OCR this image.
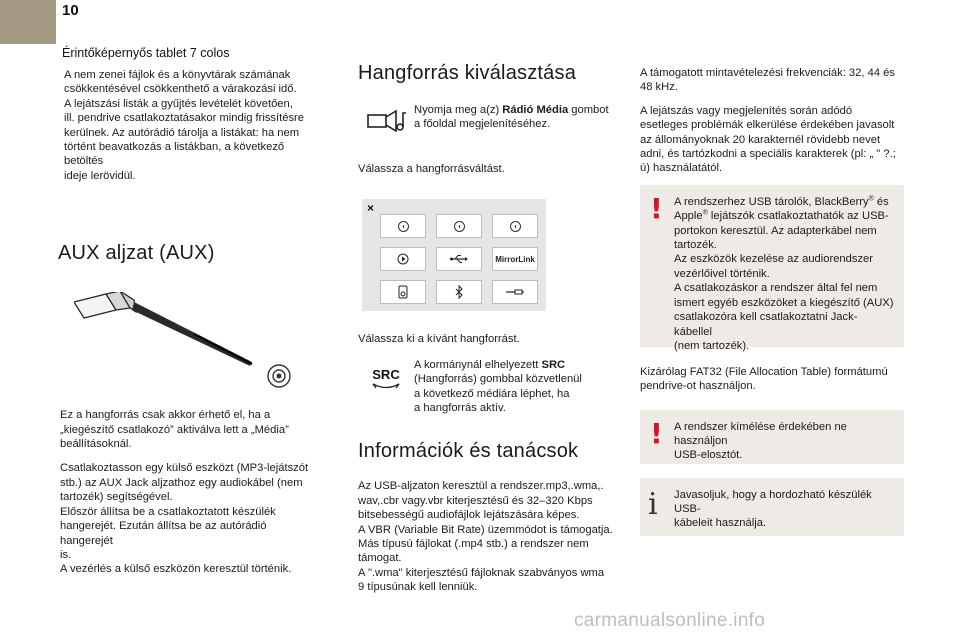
10
Érintőképernyős tablet 7 colos
A nem zenei fájlok és a könyvtárak számának
csökkentésével csökkenthető a várakozási idő.
A lejátszási listák a gyűjtés levételét követően,
ill. pendrive csatlakoztatásakor mindig frissítésre
kerülnek. Az autórádió tárolja a listákat: ha nem
történt beavatkozás a listákban, a következő betöltés
ideje lerövidül.
AUX aljzat (AUX)
Ez a hangforrás csak akkor érhető el, ha a
„kiegészítő csatlakozó” aktiválva lett a „Média”
beállításoknál.
Csatlakoztasson egy külső eszközt (MP3-lejátszót
stb.) az AUX Jack aljzathoz egy audiokábel (nem
tartozék) segítségével.
Először állítsa be a csatlakoztatott készülék
hangerejét. Ezután állítsa be az autórádió hangerejét
is.
A vezérlés a külső eszközön keresztül történik.
Hangforrás kiválasztása
Nyomja meg a(z) Rádió Média gombot
a főoldal megjelenítéséhez.
Válassza a hangforrásváltást.
×
MirrorLink
Válassza ki a kívánt hangforrást.
SRC
A kormánynál elhelyezett SRC
(Hangforrás) gombbal közvetlenül
a következő médiára léphet, ha
a hangforrás aktív.
Információk és tanácsok
Az USB-aljzaton keresztül a rendszer.mp3,.wma,.
wav,.cbr vagy.vbr kiterjesztésű és 32–320 Kbps
bitsebességű audiofájlok lejátszására képes.
A VBR (Variable Bit Rate) üzemmódot is támogatja.
Más típusú fájlokat (.mp4 stb.) a rendszer nem
támogat.
A ".wma" kiterjesztésű fájloknak szabványos wma
9 típusúnak kell lenniük.
A támogatott mintavételezési frekvenciák: 32, 44 és
48 kHz.
A lejátszás vagy megjelenítés során adódó
esetleges problémák elkerülése érdekében javasolt
az állományoknak 20 karakternél rövidebb nevet
adni, és tartózkodni a speciális karakterek (pl: „ " ?.;
ú) használatától.
! A rendszerhez USB tárolók, BlackBerry® és
Apple® lejátszók csatlakoztathatók az USB-
portokon keresztül. Az adapterkábel nem
tartozék.
Az eszközök kezelése az audiorendszer
vezérlőivel történik.
A csatlakozáskor a rendszer által fel nem
ismert egyéb eszközöket a kiegészítő (AUX)
csatlakozóra kell csatlakoztatni Jack-kábellel
(nem tartozék).
Kizárólag FAT32 (File Allocation Table) formátumú
pendrive-ot használjon.
! A rendszer kímélése érdekében ne használjon
USB-elosztót.
i Javasoljuk, hogy a hordozható készülék USB-
kábeleit használja.
carmanualsonline.info
